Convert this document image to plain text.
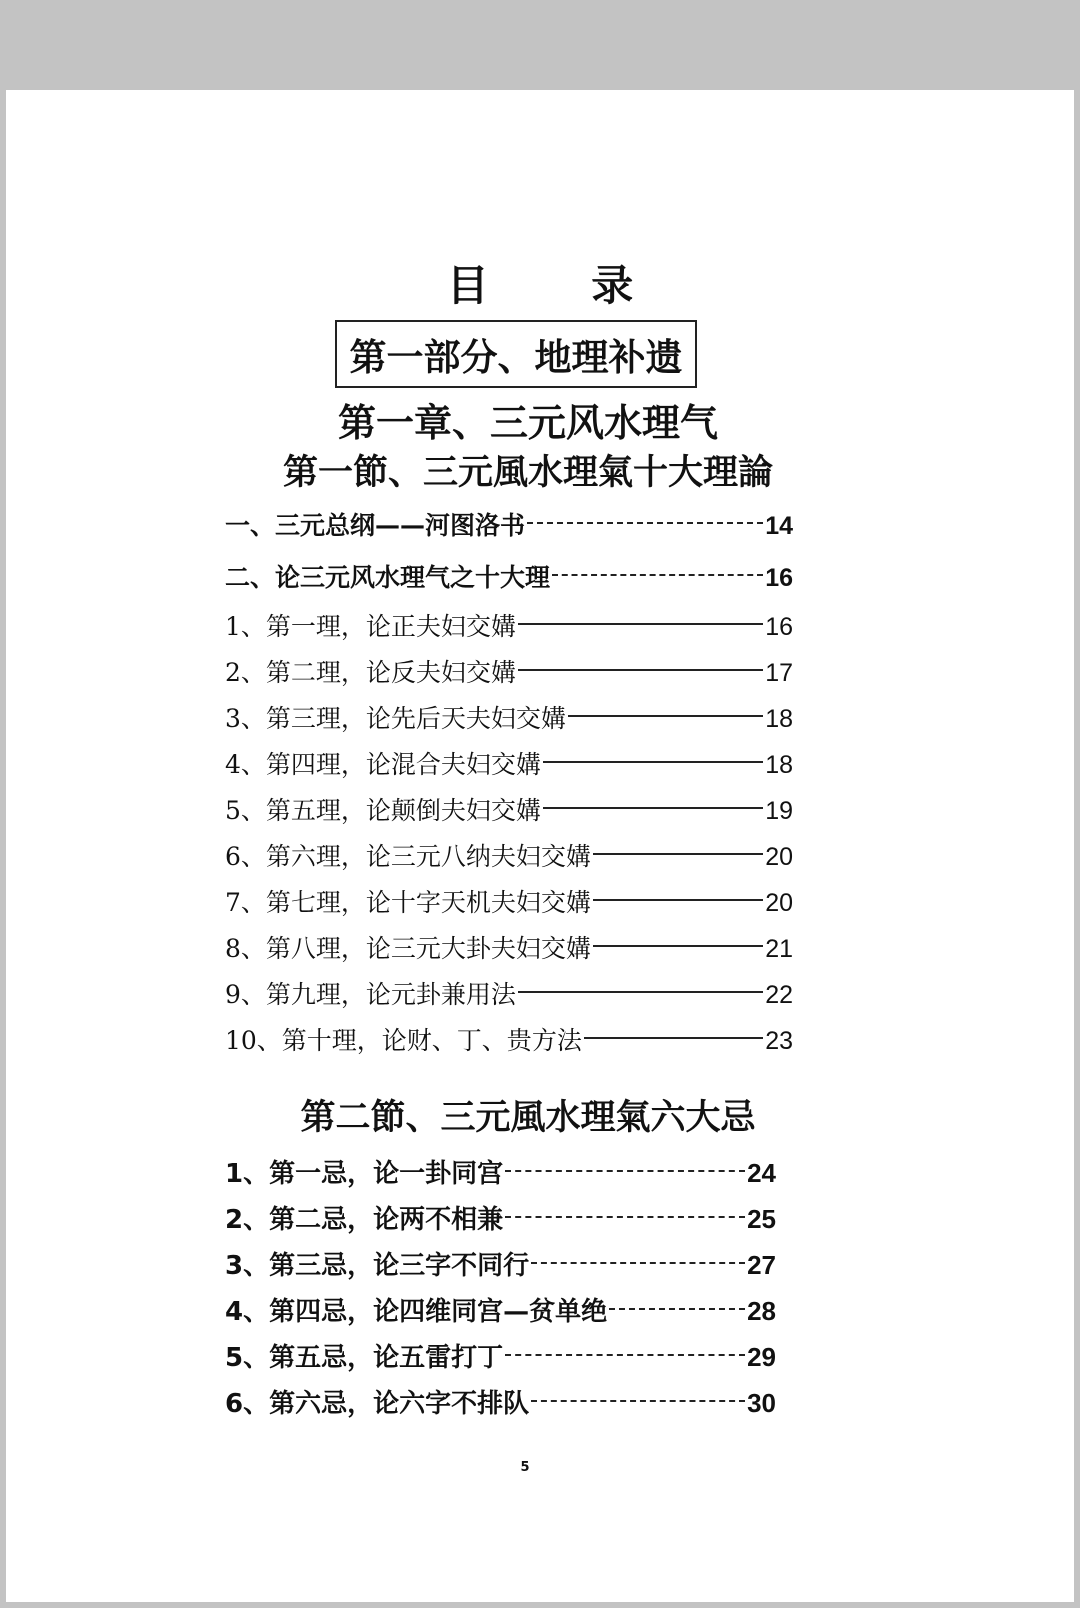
目 录
第一部分、地理补遗
第一章、三元风水理气
第一節、三元風水理氣十大理論
一、三元总纲——河图洛书	14
二、论三元风水理气之十大理	16
1、第一理，论正夫妇交媾	16
2、第二理，论反夫妇交媾	17
3、第三理，论先后天夫妇交媾	18
4、第四理，论混合夫妇交媾	18
5、第五理，论颠倒夫妇交媾	19
6、第六理，论三元八纳夫妇交媾	20
7、第七理，论十字天机夫妇交媾	20
8、第八理，论三元大卦夫妇交媾	21
9、第九理，论元卦兼用法	22
10、第十理，论财、丁、贵方法	23
第二節、三元風水理氣六大忌
1、第一忌，论一卦同宫	24
2、第二忌，论两不相兼	25
3、第三忌，论三字不同行	27
4、第四忌，论四维同宫—贫单绝	28
5、第五忌，论五雷打丁	29
6、第六忌，论六字不排队	30
5
